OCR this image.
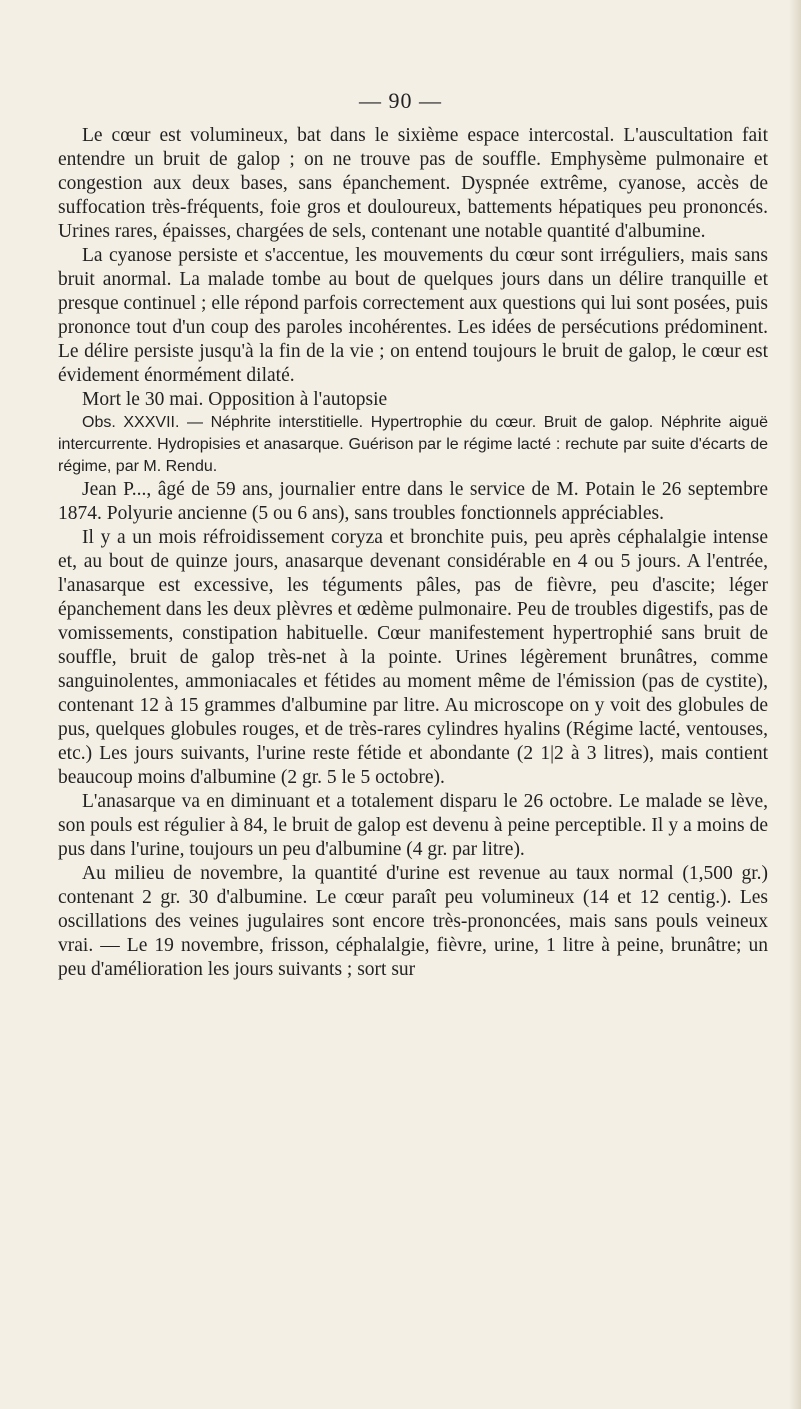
— 90 —

Le cœur est volumineux, bat dans le sixième espace intercostal. L'auscultation fait entendre un bruit de galop ; on ne trouve pas de souffle. Emphysème pulmonaire et congestion aux deux bases, sans épanchement. Dyspnée extrême, cyanose, accès de suffocation très-fréquents, foie gros et douloureux, battements hépatiques peu prononcés. Urines rares, épaisses, chargées de sels, contenant une notable quantité d'albumine.

La cyanose persiste et s'accentue, les mouvements du cœur sont irréguliers, mais sans bruit anormal. La malade tombe au bout de quelques jours dans un délire tranquille et presque continuel ; elle répond parfois correctement aux questions qui lui sont posées, puis prononce tout d'un coup des paroles incohérentes. Les idées de persécutions prédominent. Le délire persiste jusqu'à la fin de la vie ; on entend toujours le bruit de galop, le cœur est évidement énormément dilaté.

Mort le 30 mai. Opposition à l'autopsie

Obs. XXXVII. — Néphrite interstitielle. Hypertrophie du cœur. Bruit de galop. Néphrite aiguë intercurrente. Hydropisies et anasarque. Guérison par le régime lacté : rechute par suite d'écarts de régime, par M. Rendu.

Jean P..., âgé de 59 ans, journalier entre dans le service de M. Potain le 26 septembre 1874. Polyurie ancienne (5 ou 6 ans), sans troubles fonctionnels appréciables.

Il y a un mois réfroidissement coryza et bronchite puis, peu après céphalalgie intense et, au bout de quinze jours, anasarque devenant considérable en 4 ou 5 jours. A l'entrée, l'anasarque est excessive, les téguments pâles, pas de fièvre, peu d'ascite; léger épanchement dans les deux plèvres et œdème pulmonaire. Peu de troubles digestifs, pas de vomissements, constipation habituelle. Cœur manifestement hypertrophié sans bruit de souffle, bruit de galop très-net à la pointe. Urines légèrement brunâtres, comme sanguinolentes, ammoniacales et fétides au moment même de l'émission (pas de cystite), contenant 12 à 15 grammes d'albumine par litre. Au microscope on y voit des globules de pus, quelques globules rouges, et de très-rares cylindres hyalins (Régime lacté, ventouses, etc.) Les jours suivants, l'urine reste fétide et abondante (2 1|2 à 3 litres), mais contient beaucoup moins d'albumine (2 gr. 5 le 5 octobre).

L'anasarque va en diminuant et a totalement disparu le 26 octobre. Le malade se lève, son pouls est régulier à 84, le bruit de galop est devenu à peine perceptible. Il y a moins de pus dans l'urine, toujours un peu d'albumine (4 gr. par litre).

Au milieu de novembre, la quantité d'urine est revenue au taux normal (1,500 gr.) contenant 2 gr. 30 d'albumine. Le cœur paraît peu volumineux (14 et 12 centig.). Les oscillations des veines jugulaires sont encore très-prononcées, mais sans pouls veineux vrai. — Le 19 novembre, frisson, céphalalgie, fièvre, urine, 1 litre à peine, brunâtre; un peu d'amélioration les jours suivants ; sort sur
